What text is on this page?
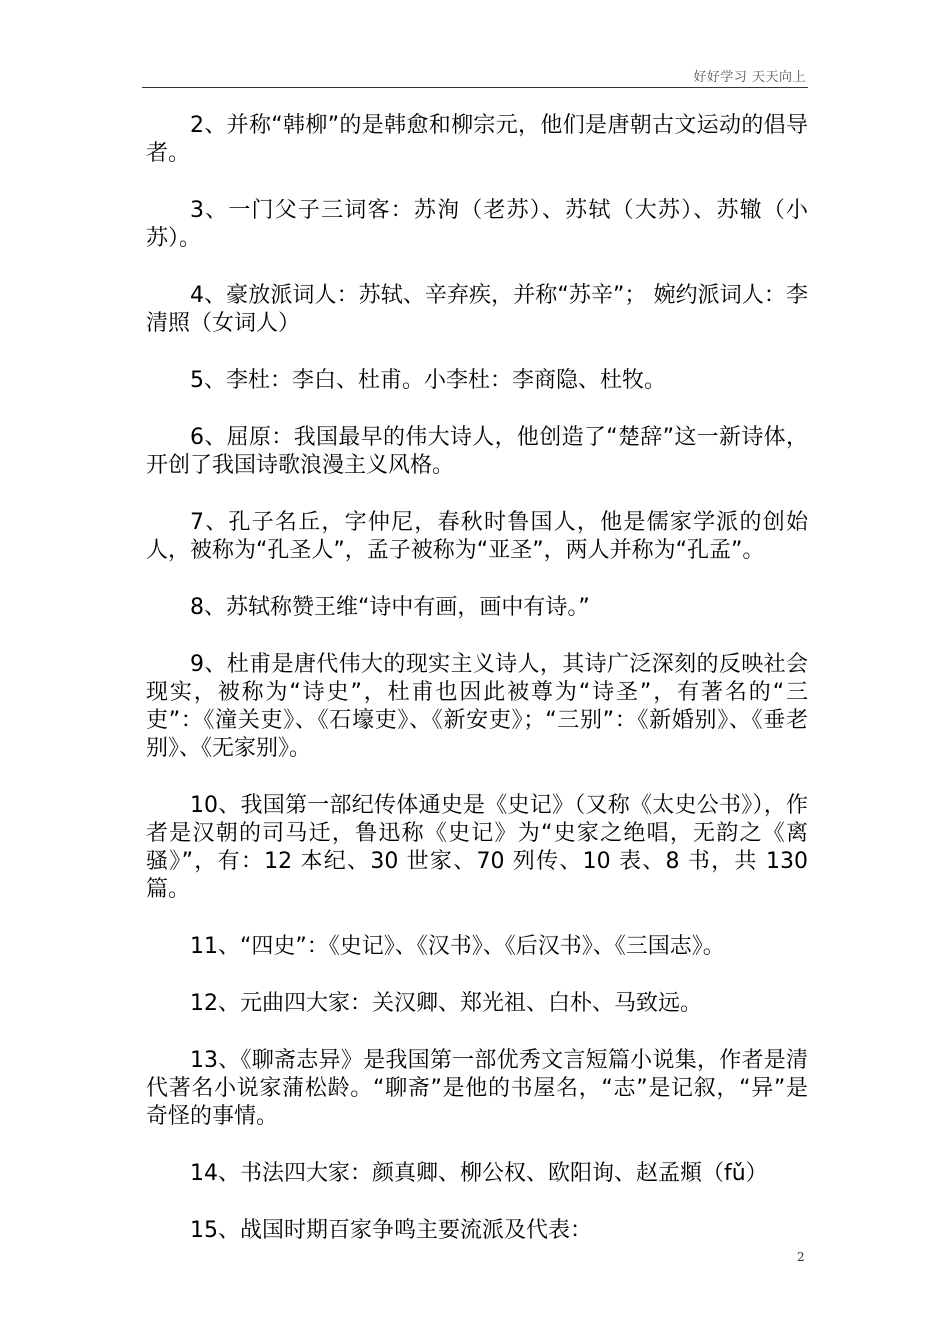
好好学习 天天向上

2、并称“韩柳”的是韩愈和柳宗元，他们是唐朝古文运动的倡导者。

3、一门父子三词客：苏洵（老苏）、苏轼（大苏）、苏辙（小苏）。

4、豪放派词人：苏轼、辛弃疾，并称“苏辛”； 婉约派词人：李清照（女词人）

5、李杜：李白、杜甫。小李杜：李商隐、杜牧。

6、屈原：我国最早的伟大诗人，他创造了“楚辞”这一新诗体，开创了我国诗歌浪漫主义风格。

7、孔子名丘，字仲尼，春秋时鲁国人，他是儒家学派的创始人，被称为“孔圣人”，孟子被称为“亚圣”，两人并称为“孔孟”。

8、苏轼称赞王维“诗中有画，画中有诗。”

9、杜甫是唐代伟大的现实主义诗人，其诗广泛深刻的反映社会现实，被称为“诗史”，杜甫也因此被尊为“诗圣”，有著名的“三吏”：《潼关吏》、《石壕吏》、《新安吏》；“三别”：《新婚别》、《垂老别》、《无家别》。

10、我国第一部纪传体通史是《史记》（又称《太史公书》），作者是汉朝的司马迁，鲁迅称《史记》为“史家之绝唱，无韵之《离骚》”，有：12 本纪、30 世家、70 列传、10 表、8 书，共 130 篇。

11、“四史”：《史记》、《汉书》、《后汉书》、《三国志》。

12、元曲四大家：关汉卿、郑光祖、白朴、马致远。

13、《聊斋志异》是我国第一部优秀文言短篇小说集，作者是清代著名小说家蒲松龄。“聊斋”是他的书屋名，“志”是记叙，“异”是奇怪的事情。

14、书法四大家：颜真卿、柳公权、欧阳询、赵孟頫（fǔ）

15、战国时期百家争鸣主要流派及代表：

2
